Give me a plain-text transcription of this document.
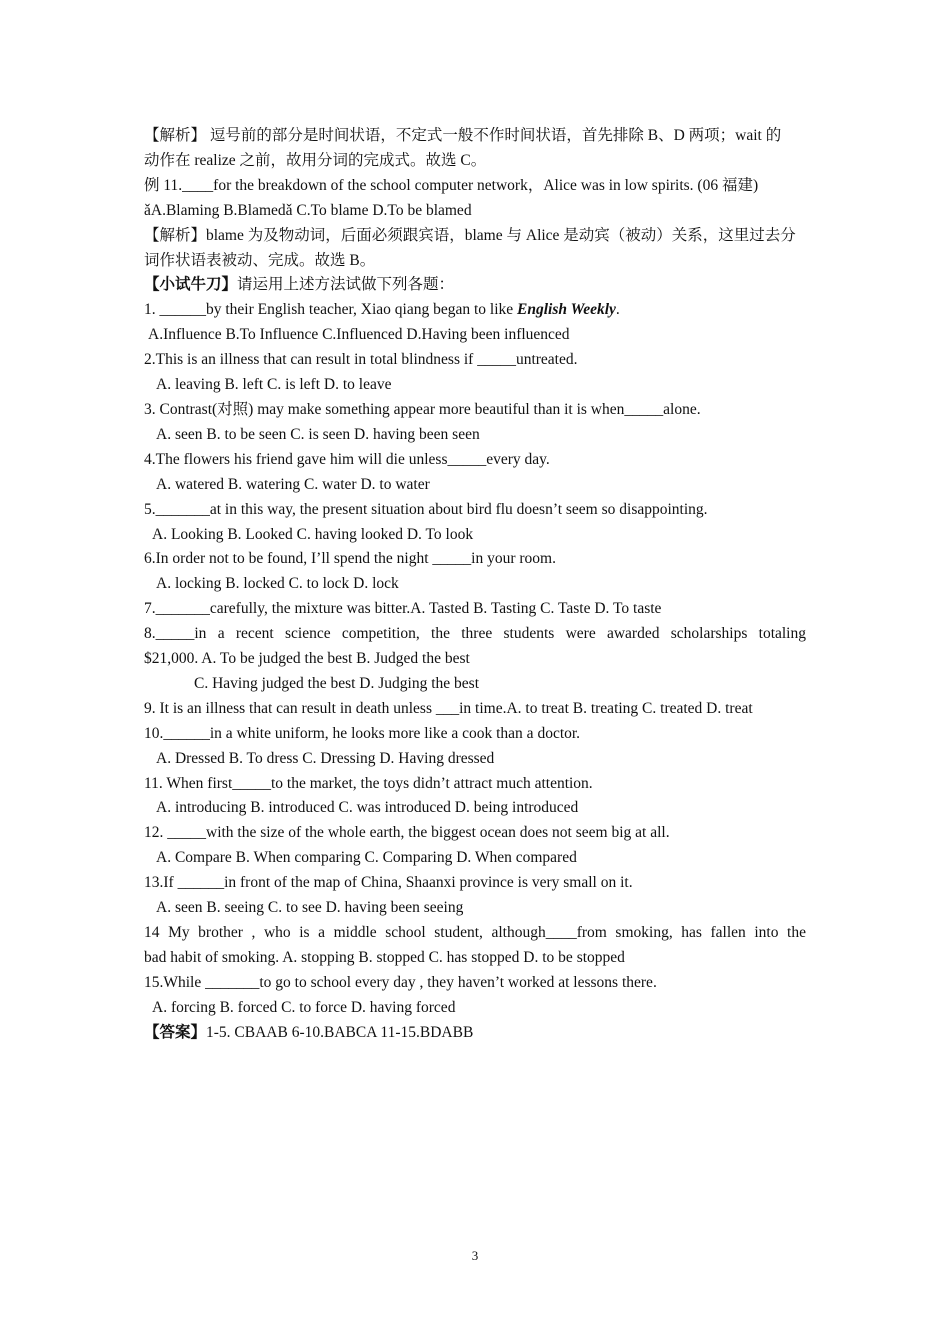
【解析】 逗号前的部分是时间状语，不定式一般不作时间状语，首先排除 B、D 两项；wait 的
动作在 realize 之前，故用分词的完成式。故选 C。
例 11.____for the breakdown of the school computer network，Alice was in low spirits. (06 福建)
ǎA.Blaming B.Blamedǎ C.To blame D.To be blamed
【解析】blame 为及物动词，后面必须跟宾语，blame 与 Alice 是动宾（被动）关系，这里过去分
词作状语表被动、完成。故选 B。
【小试牛刀】请运用上述方法试做下列各题：
1. ______by their English teacher, Xiao qiang began to like English Weekly.
A.Influence B.To Influence C.Influenced D.Having been influenced
2.This is an illness that can result in total blindness if _____untreated.
A. leaving B. left C. is left D. to leave
3. Contrast(对照) may make something appear more beautiful than it is when_____alone.
A. seen B. to be seen C. is seen D. having been seen
4.The flowers his friend gave him will die unless_____every day.
A. watered B. watering C. water D. to water
5._______at in this way, the present situation about bird flu doesn’t seem so disappointing.
A. Looking B. Looked C. having looked D. To look
6.In order not to be found, I’ll spend the night _____in your room.
A. locking B. locked C. to lock D. lock
7._______carefully, the mixture was bitter.A. Tasted B. Tasting C. Taste D. To taste
8._____in a recent science competition, the three students were awarded scholarships totaling
$21,000. A. To be judged the best B. Judged the best
C. Having judged the best D. Judging the best
9. It is an illness that can result in death unless ___in time.A. to treat B. treating C. treated D. treat
10.______in a white uniform, he looks more like a cook than a doctor.
A. Dressed B. To dress C. Dressing D. Having dressed
11. When first_____to the market, the toys didn’t attract much attention.
A. introducing B. introduced C. was introduced D. being introduced
12. _____with the size of the whole earth, the biggest ocean does not seem big at all.
A. Compare B. When comparing C. Comparing D. When compared
13.If ______in front of the map of China, Shaanxi province is very small on it.
A. seen B. seeing C. to see D. having been seeing
14 My brother , who is a middle school student, although____from smoking, has fallen into the
bad habit of smoking. A. stopping B. stopped C. has stopped D. to be stopped
15.While _______to go to school every day , they haven’t worked at lessons there.
A. forcing B. forced C. to force D. having forced
【答案】1-5. CBAAB 6-10.BABCA 11-15.BDABB
3
